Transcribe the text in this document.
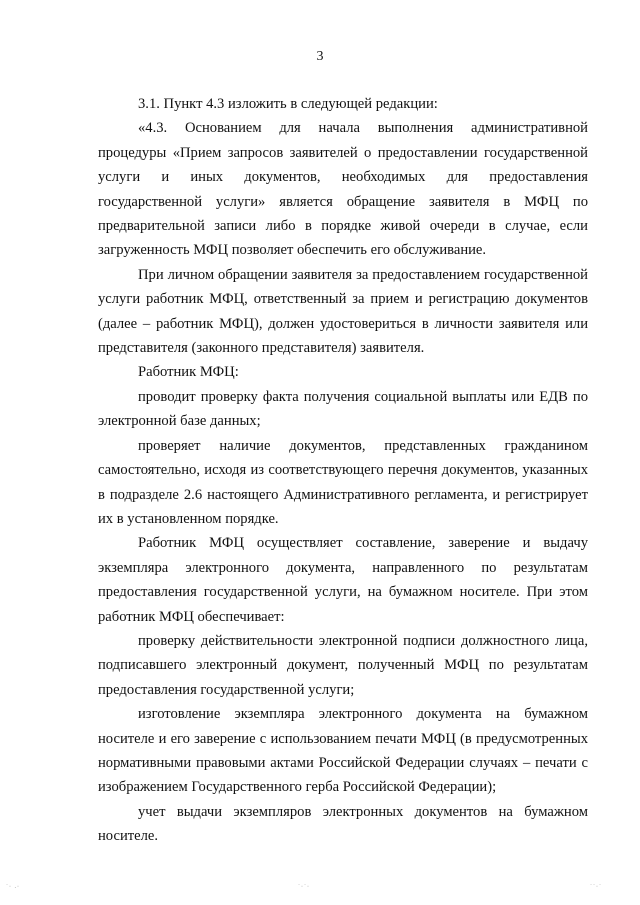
3

3.1. Пункт 4.3 изложить в следующей редакции:

«4.3. Основанием для начала выполнения административной процедуры «Прием запросов заявителей о предоставлении государственной услуги и иных документов, необходимых для предоставления государственной услуги» является обращение заявителя в МФЦ по предварительной записи либо в порядке живой очереди в случае, если загруженность МФЦ позволяет обеспечить его обслуживание.

При личном обращении заявителя за предоставлением государственной услуги работник МФЦ, ответственный за прием и регистрацию документов (далее – работник МФЦ), должен удостовериться в личности заявителя или представителя (законного представителя) заявителя.

Работник МФЦ:

проводит проверку факта получения социальной выплаты или ЕДВ по электронной базе данных;

проверяет наличие документов, представленных гражданином самостоятельно, исходя из соответствующего перечня документов, указанных в подразделе 2.6 настоящего Административного регламента, и регистрирует их в установленном порядке.

Работник МФЦ осуществляет составление, заверение и выдачу экземпляра электронного документа, направленного по результатам предоставления государственной услуги, на бумажном носителе. При этом работник МФЦ обеспечивает:

проверку действительности электронной подписи должностного лица, подписавшего электронный документ, полученный МФЦ по результатам предоставления государственной услуги;

изготовление экземпляра электронного документа на бумажном носителе и его заверение с использованием печати МФЦ (в предусмотренных нормативными правовыми актами Российской Федерации случаях – печати с изображением Государственного герба Российской Федерации);

учет выдачи экземпляров электронных документов на бумажном носителе.

˙· .·	˙·˙·	˙˙·˙
